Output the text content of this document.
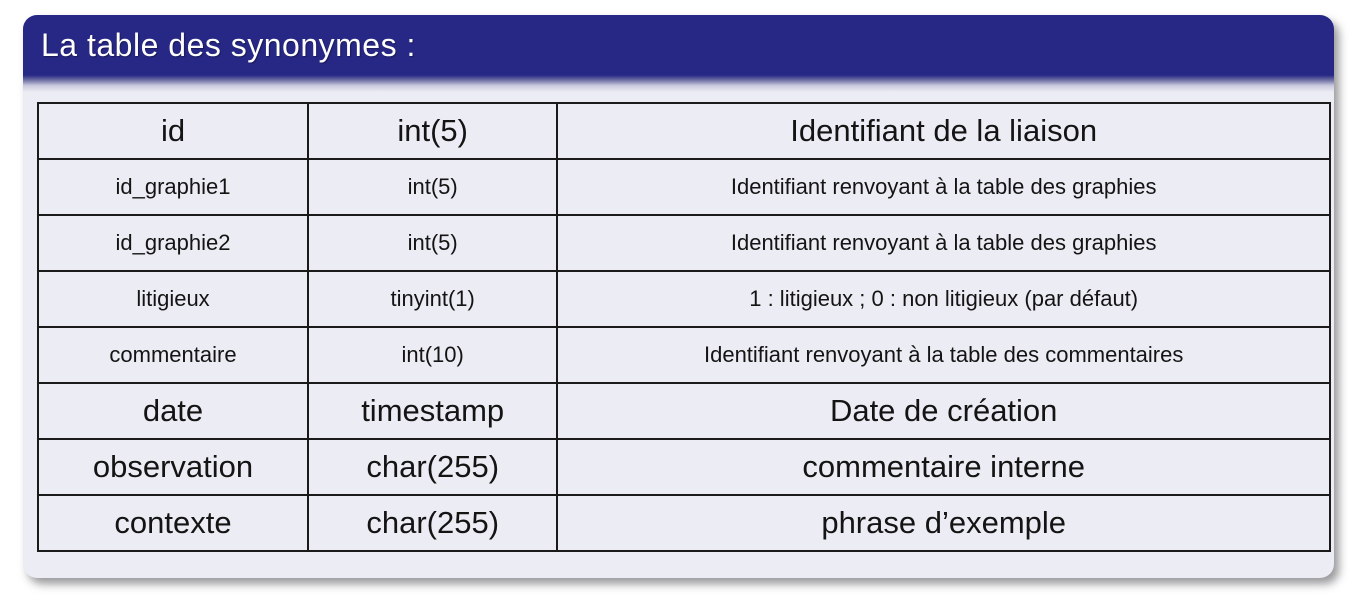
La table des synonymes :
id	int(5)	Identifiant de la liaison
id_graphie1	int(5)	Identifiant renvoyant à la table des graphies
id_graphie2	int(5)	Identifiant renvoyant à la table des graphies
litigieux	tinyint(1)	1 : litigieux ; 0 : non litigieux (par défaut)
commentaire	int(10)	Identifiant renvoyant à la table des commentaires
date	timestamp	Date de création
observation	char(255)	commentaire interne
contexte	char(255)	phrase d’exemple
